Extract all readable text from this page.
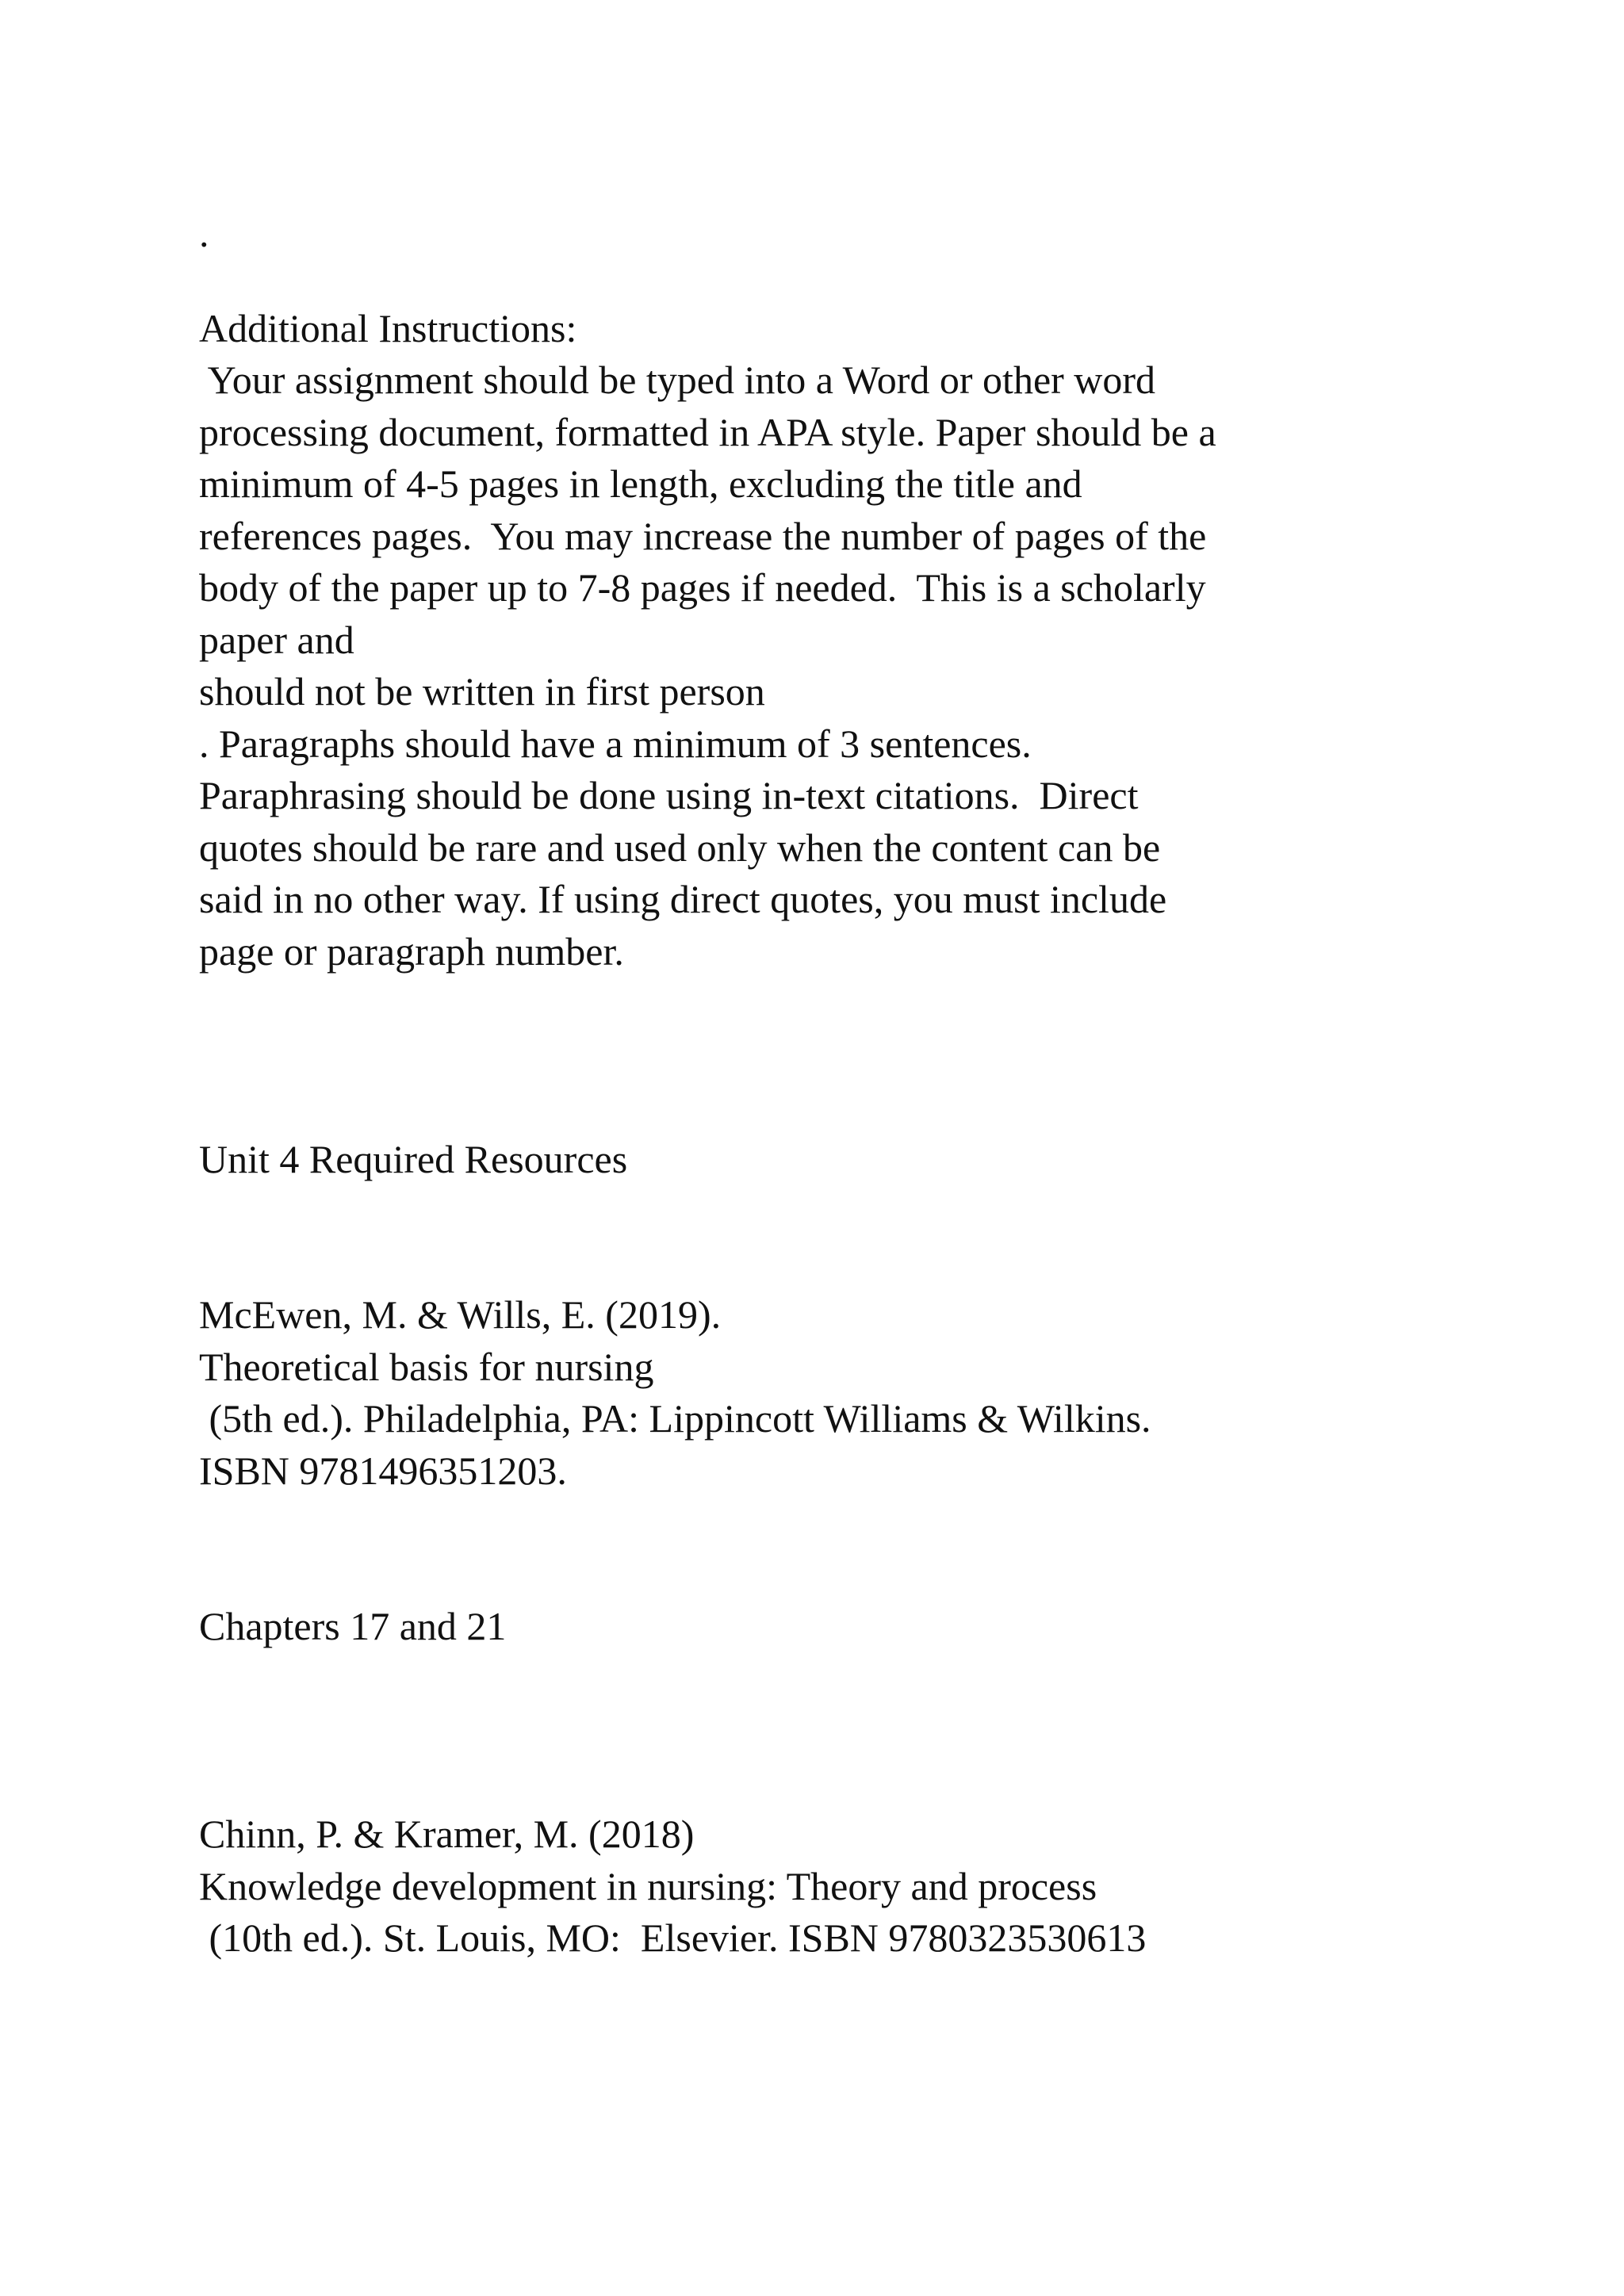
.

Additional Instructions:

Your assignment should be typed into a Word or other word

processing document, formatted in APA style. Paper should be a

minimum of 4-5 pages in length, excluding the title and

references pages.  You may increase the number of pages of the

body of the paper up to 7-8 pages if needed.  This is a scholarly

paper and

should not be written in first person

. Paragraphs should have a minimum of 3 sentences.

Paraphrasing should be done using in-text citations.  Direct

quotes should be rare and used only when the content can be

said in no other way. If using direct quotes, you must include

page or paragraph number.

Unit 4 Required Resources

McEwen, M. & Wills, E. (2019).

Theoretical basis for nursing

(5th ed.). Philadelphia, PA: Lippincott Williams & Wilkins.

ISBN 9781496351203.

Chapters 17 and 21

Chinn, P. & Kramer, M. (2018)

Knowledge development in nursing: Theory and process

(10th ed.). St. Louis, MO:  Elsevier. ISBN 9780323530613
